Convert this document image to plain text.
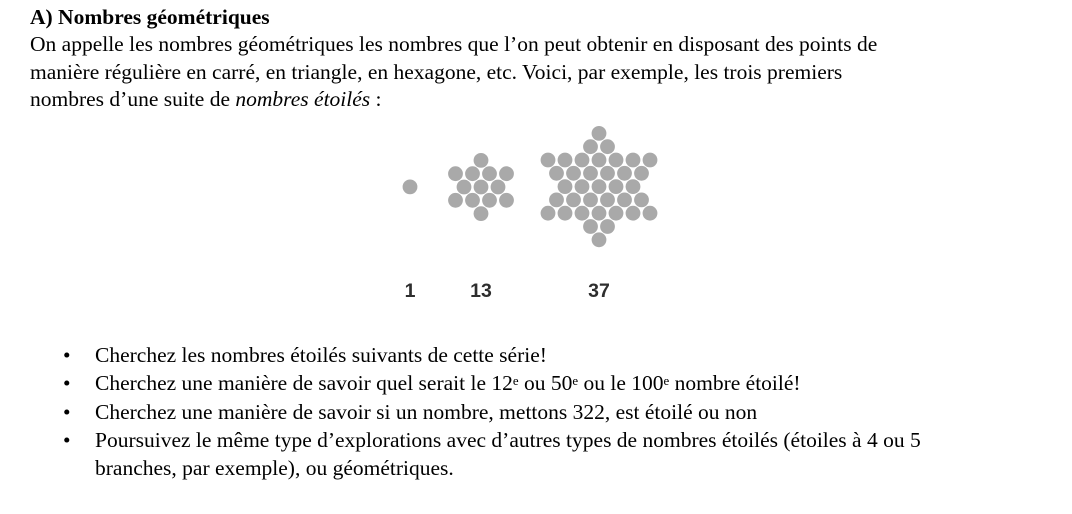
A) Nombres géométriques
On appelle les nombres géométriques les nombres que l’on peut obtenir en disposant des points de
manière régulière en carré, en triangle, en hexagone, etc. Voici, par exemple, les trois premiers
nombres d’une suite de nombres étoilés :
1	13	37
• Cherchez les nombres étoilés suivants de cette série!
• Cherchez une manière de savoir quel serait le 12e ou 50e ou le 100e nombre étoilé!
• Cherchez une manière de savoir si un nombre, mettons 322, est étoilé ou non
• Poursuivez le même type d’explorations avec d’autres types de nombres étoilés (étoiles à 4 ou 5
branches, par exemple), ou géométriques.
